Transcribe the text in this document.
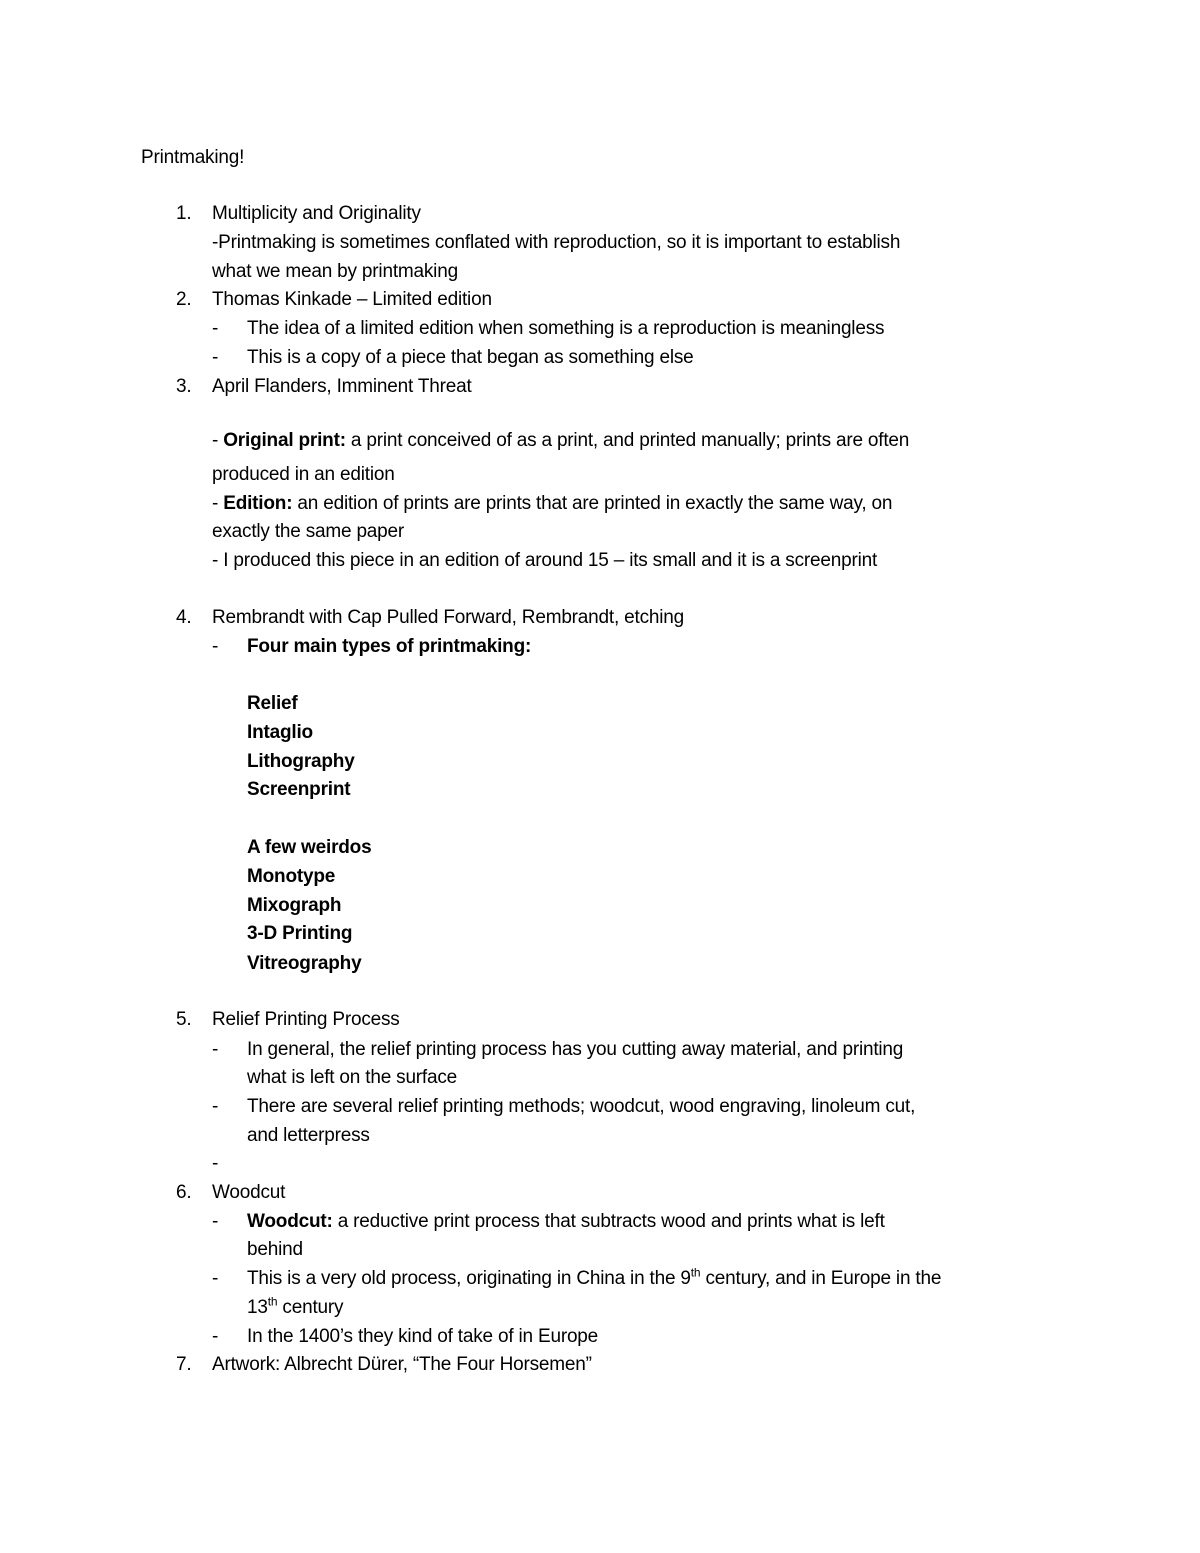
Printmaking!
1. Multiplicity and Originality
-Printmaking is sometimes conflated with reproduction, so it is important to establish
what we mean by printmaking
2. Thomas Kinkade – Limited edition
- The idea of a limited edition when something is a reproduction is meaningless
- This is a copy of a piece that began as something else
3. April Flanders, Imminent Threat
- Original print: a print conceived of as a print, and printed manually; prints are often
produced in an edition
- Edition: an edition of prints are prints that are printed in exactly the same way, on
exactly the same paper
- I produced this piece in an edition of around 15 – its small and it is a screenprint
4. Rembrandt with Cap Pulled Forward, Rembrandt, etching
- Four main types of printmaking:
Relief
Intaglio
Lithography
Screenprint
A few weirdos
Monotype
Mixograph
3-D Printing
Vitreography
5. Relief Printing Process
- In general, the relief printing process has you cutting away material, and printing
what is left on the surface
- There are several relief printing methods; woodcut, wood engraving, linoleum cut,
and letterpress
-
6. Woodcut
- Woodcut: a reductive print process that subtracts wood and prints what is left
behind
- This is a very old process, originating in China in the 9th century, and in Europe in the
13th century
- In the 1400’s they kind of take of in Europe
7. Artwork: Albrecht Dürer, “The Four Horsemen”
